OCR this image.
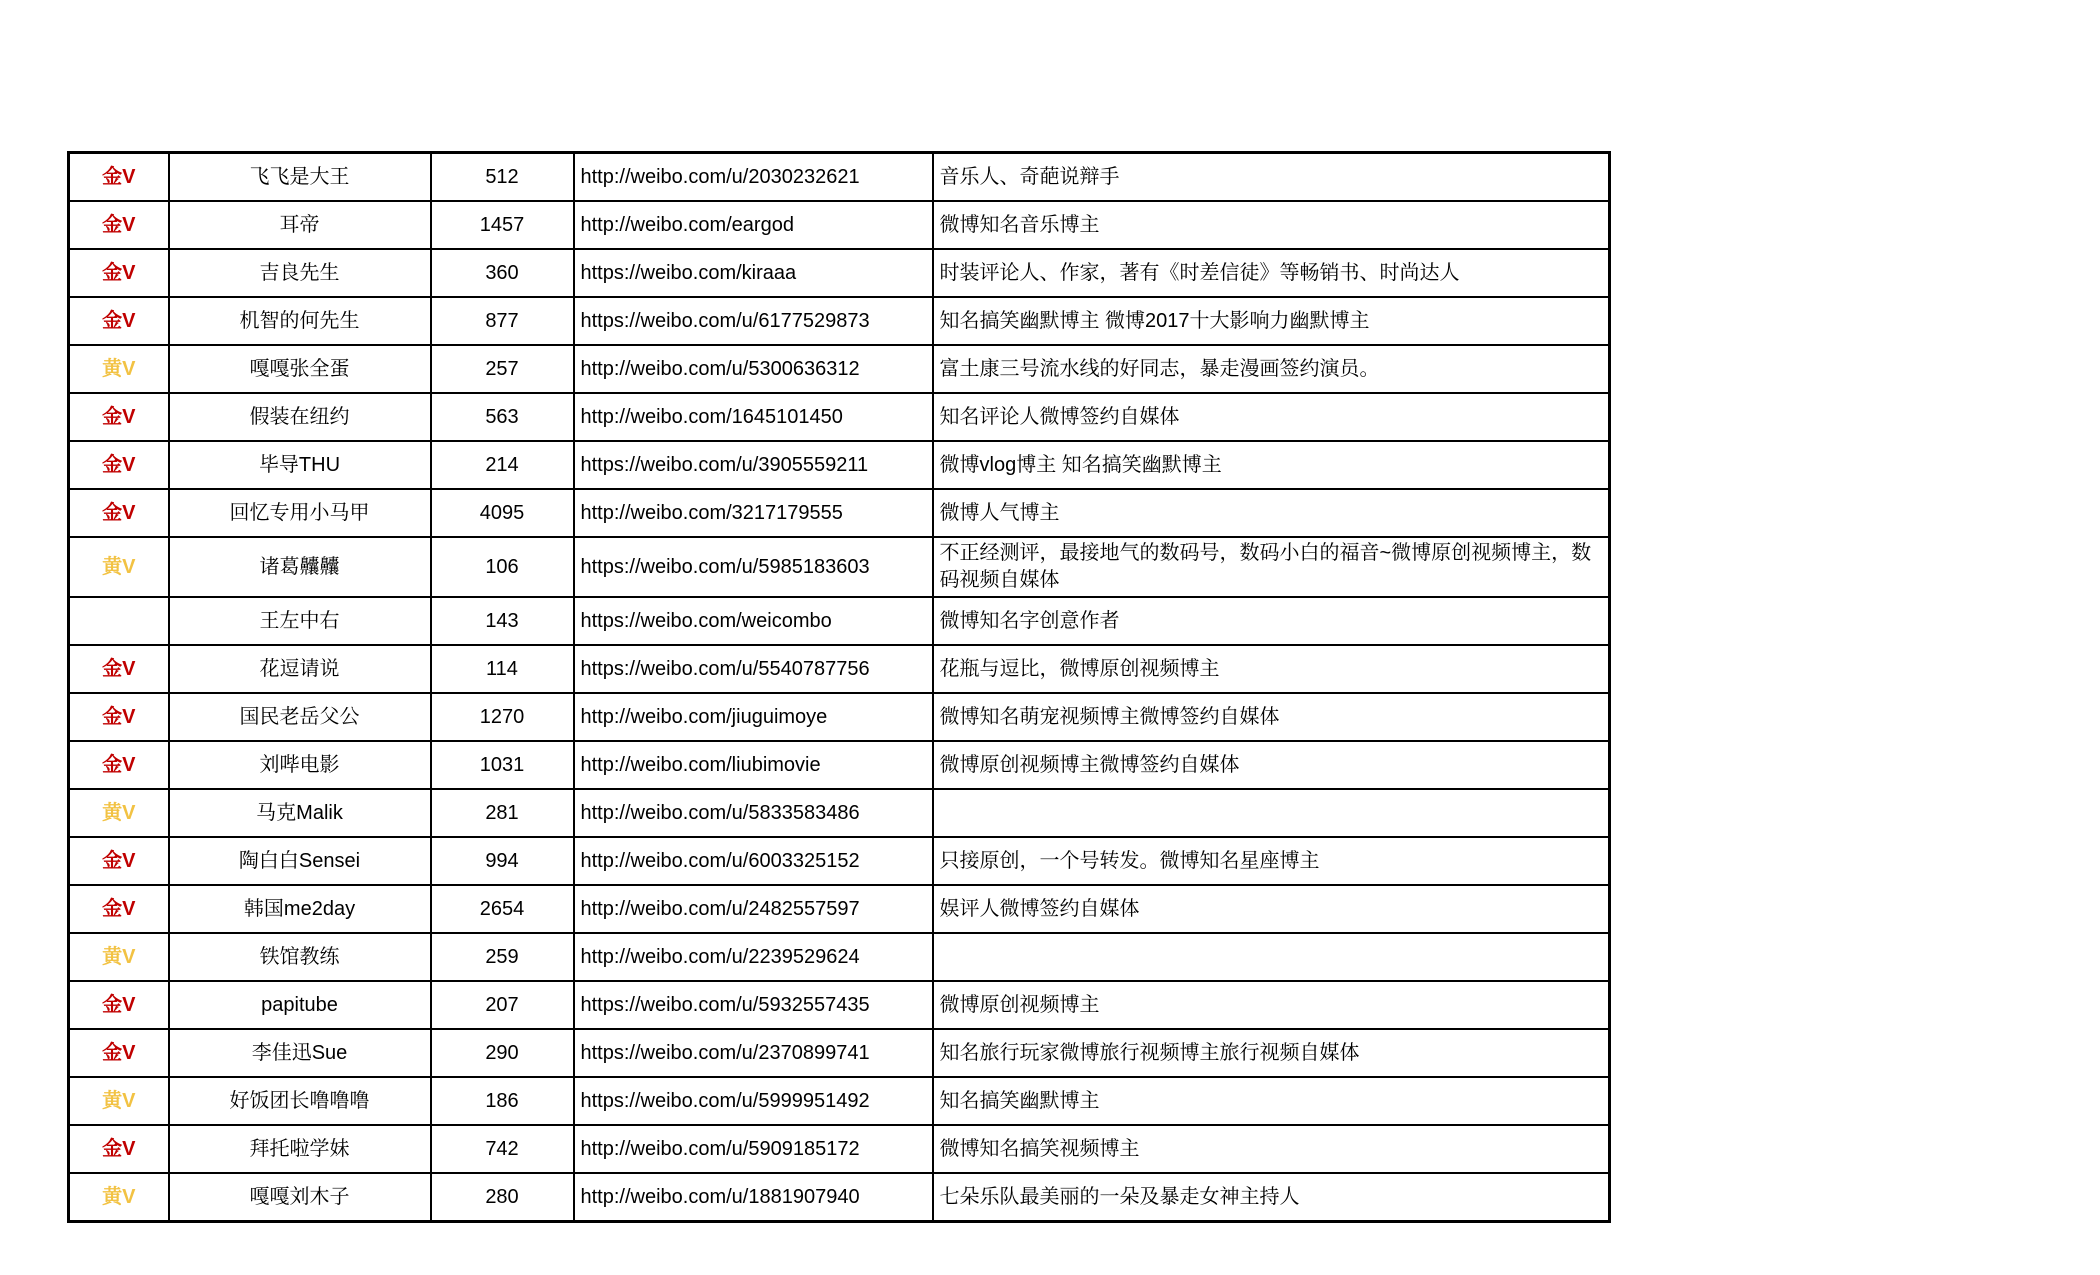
金V	飞飞是大王	512	http://weibo.com/u/2030232621	音乐人、奇葩说辩手
金V	耳帝	1457	http://weibo.com/eargod	微博知名音乐博主
金V	吉良先生	360	https://weibo.com/kiraaa	时装评论人、作家，著有《时差信徒》等畅销书、时尚达人
金V	机智的何先生	877	https://weibo.com/u/6177529873	知名搞笑幽默博主 微博2017十大影响力幽默博主
黄V	嘎嘎张全蛋	257	http://weibo.com/u/5300636312	富土康三号流水线的好同志，暴走漫画签约演员。
金V	假装在纽约	563	http://weibo.com/1645101450	知名评论人微博签约自媒体
金V	毕导THU	214	https://weibo.com/u/3905559211	微博vlog博主 知名搞笑幽默博主
金V	回忆专用小马甲	4095	http://weibo.com/3217179555	微博人气博主
黄V	诸葛齉齉	106	https://weibo.com/u/5985183603	不正经测评，最接地气的数码号，数码小白的福音~微博原创视频博主，数码视频自媒体
	王左中右	143	https://weibo.com/weicombo	微博知名字创意作者
金V	花逗请说	114	https://weibo.com/u/5540787756	花瓶与逗比，微博原创视频博主
金V	国民老岳父公	1270	http://weibo.com/jiuguimoye	微博知名萌宠视频博主微博签约自媒体
金V	刘哔电影	1031	http://weibo.com/liubimovie	微博原创视频博主微博签约自媒体
黄V	马克Malik	281	http://weibo.com/u/5833583486	
金V	陶白白Sensei	994	http://weibo.com/u/6003325152	只接原创，一个号转发。微博知名星座博主
金V	韩国me2day	2654	http://weibo.com/u/2482557597	娱评人微博签约自媒体
黄V	铁馆教练	259	http://weibo.com/u/2239529624	
金V	papitube	207	https://weibo.com/u/5932557435	微博原创视频博主
金V	李佳迅Sue	290	https://weibo.com/u/2370899741	知名旅行玩家微博旅行视频博主旅行视频自媒体
黄V	好饭团长噜噜噜	186	https://weibo.com/u/5999951492	知名搞笑幽默博主
金V	拜托啦学妹	742	http://weibo.com/u/5909185172	微博知名搞笑视频博主
黄V	嘎嘎刘木子	280	http://weibo.com/u/1881907940	七朵乐队最美丽的一朵及暴走女神主持人
